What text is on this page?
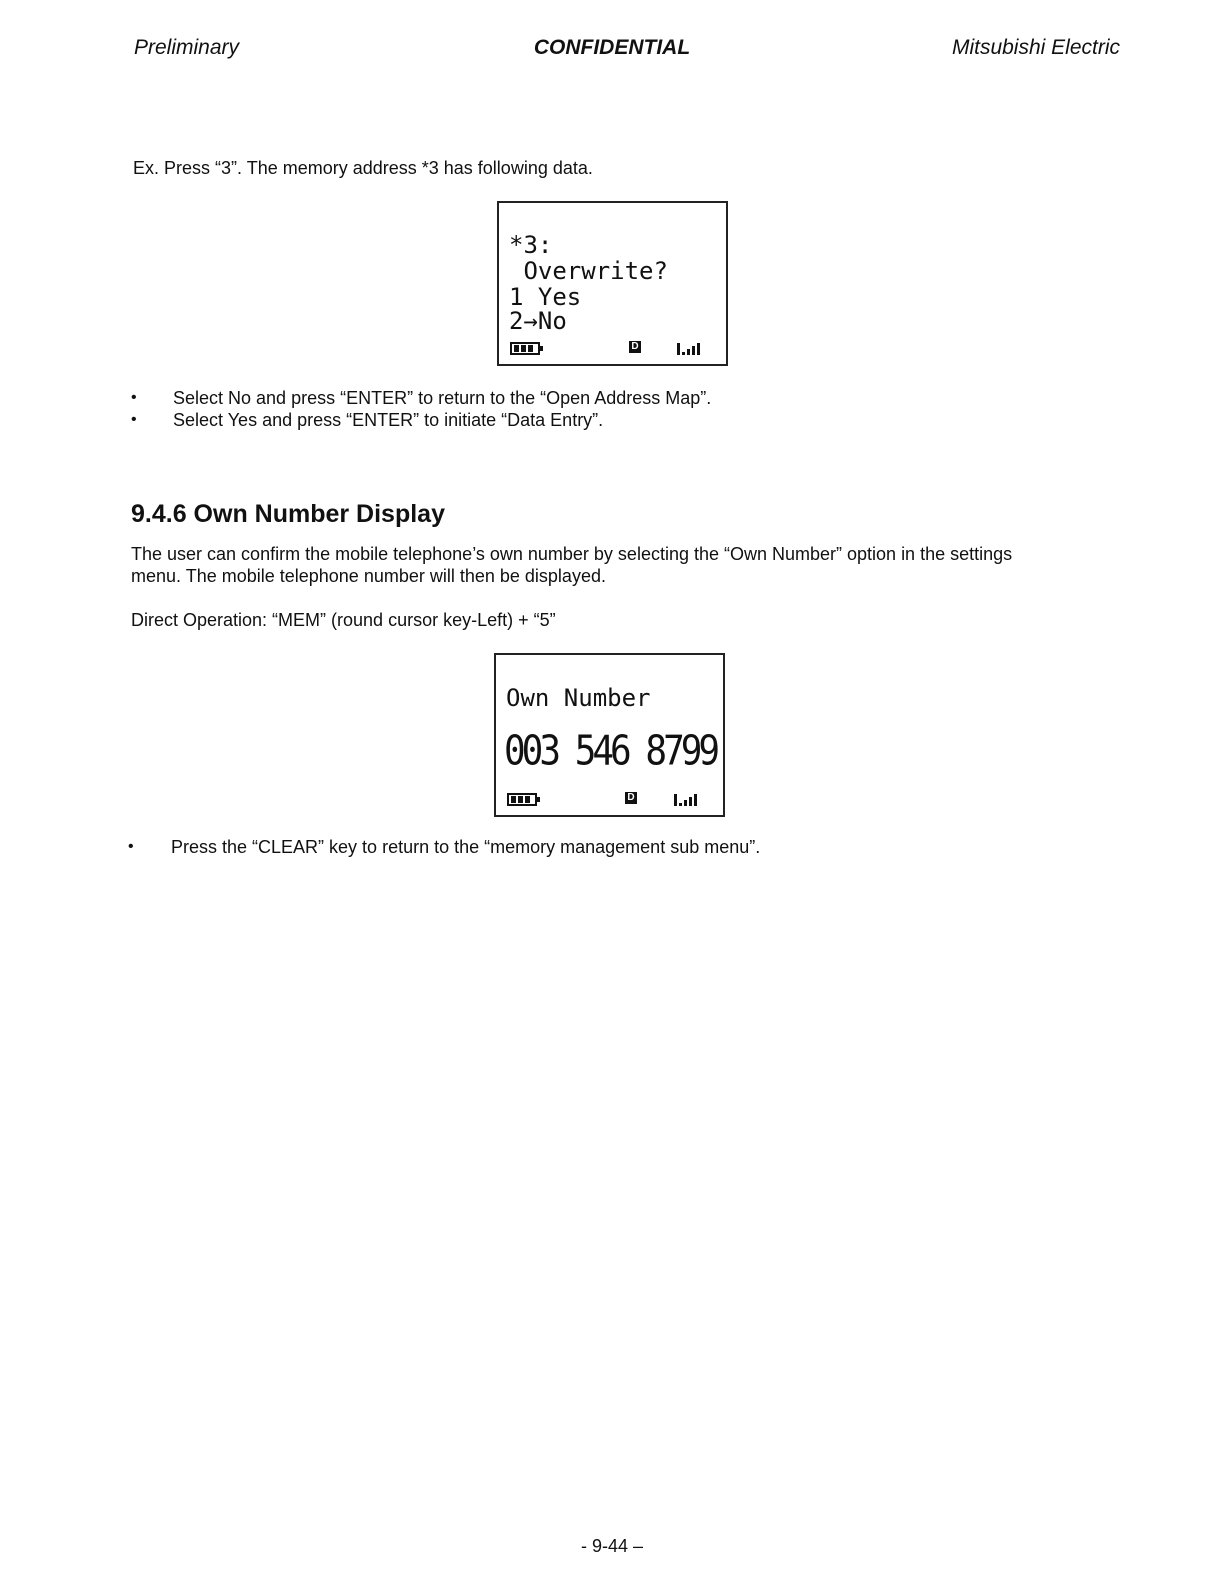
Preliminary	CONFIDENTIAL	Mitsubishi Electric
Ex. Press “3”. The memory address *3 has following data.
*3:
Overwrite?
1 Yes
2→No
D
• Select No and press “ENTER” to return to the “Open Address Map”.
• Select Yes and press “ENTER” to initiate “Data Entry”.
9.4.6 Own Number Display
The user can confirm the mobile telephone’s own number by selecting the “Own Number” option in the settings menu. The mobile telephone number will then be displayed.
Direct Operation: “MEM” (round cursor key-Left) + “5”
Own Number
003 546 8799
D
• Press the “CLEAR” key to return to the “memory management sub menu”.
- 9-44 –
